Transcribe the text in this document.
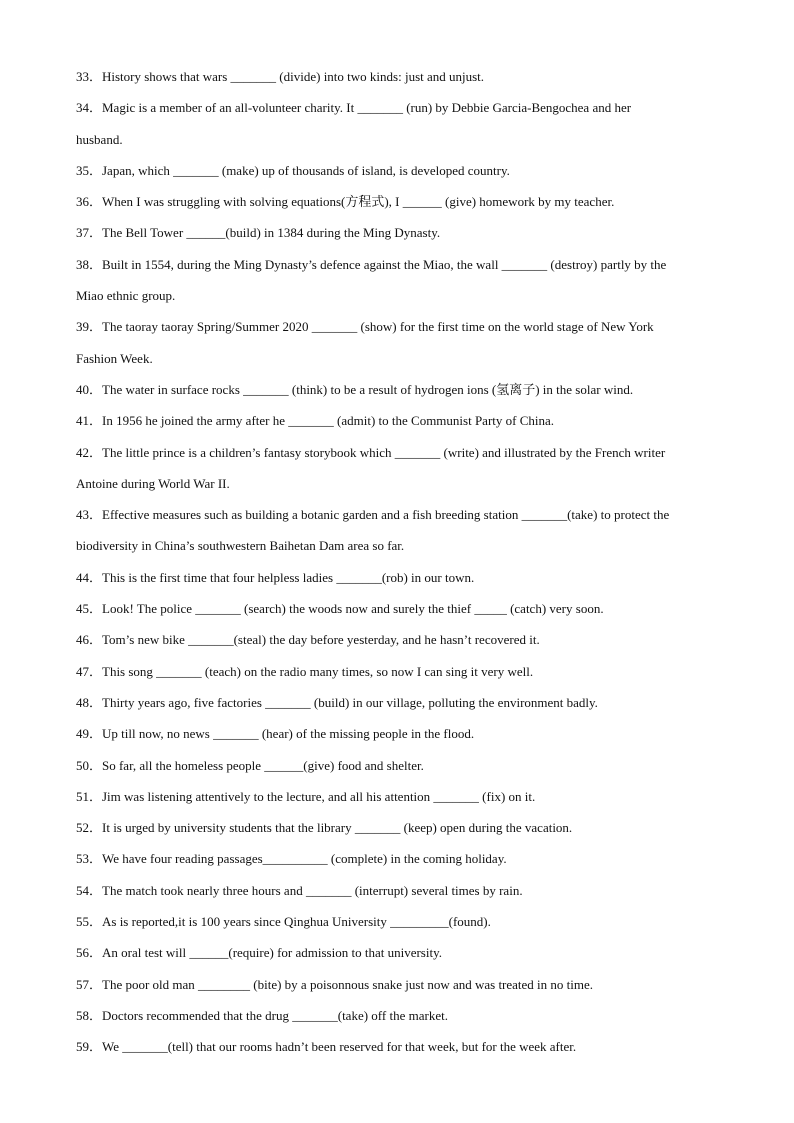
33．History shows that wars _______ (divide) into two kinds: just and unjust.
34．Magic is a member of an all-volunteer charity. It _______ (run) by Debbie Garcia-Bengochea and her
husband.
35．Japan, which _______ (make) up of thousands of island, is developed country.
36．When I was struggling with solving equations(方程式), I ______ (give) homework by my teacher.
37．The Bell Tower ______(build) in 1384 during the Ming Dynasty.
38．Built in 1554, during the Ming Dynasty’s defence against the Miao, the wall _______ (destroy) partly by the
Miao ethnic group.
39．The taoray taoray Spring/Summer 2020 _______ (show) for the first time on the world stage of New York
Fashion Week.
40．The water in surface rocks _______ (think) to be a result of hydrogen ions (氢离子) in the solar wind.
41．In 1956 he joined the army after he _______ (admit) to the Communist Party of China.
42．The little prince is a children’s fantasy storybook which _______ (write) and illustrated by the French writer
Antoine during World War II.
43．Effective measures such as building a botanic garden and a fish breeding station _______(take) to protect the
biodiversity in China’s southwestern Baihetan Dam area so far.
44．This is the first time that four helpless ladies _______(rob) in our town.
45．Look! The police _______ (search) the woods now and surely the thief _____ (catch) very soon.
46．Tom’s new bike _______(steal) the day before yesterday, and he hasn’t recovered it.
47．This song _______ (teach) on the radio many times, so now I can sing it very well.
48．Thirty years ago, five factories _______ (build) in our village, polluting the environment badly.
49．Up till now, no news _______ (hear) of the missing people in the flood.
50．So far, all the homeless people ______(give) food and shelter.
51．Jim was listening attentively to the lecture, and all his attention _______ (fix) on it.
52．It is urged by university students that the library _______ (keep) open during the vacation.
53．We have four reading passages__________ (complete) in the coming holiday.
54．The match took nearly three hours and _______ (interrupt) several times by rain.
55．As is reported,it is 100 years since Qinghua University _________(found).
56．An oral test will ______(require) for admission to that university.
57．The poor old man ________ (bite) by a poisonnous snake just now and was treated in no time.
58．Doctors recommended that the drug _______(take) off the market.
59．We _______(tell) that our rooms hadn’t been reserved for that week, but for the week after.
